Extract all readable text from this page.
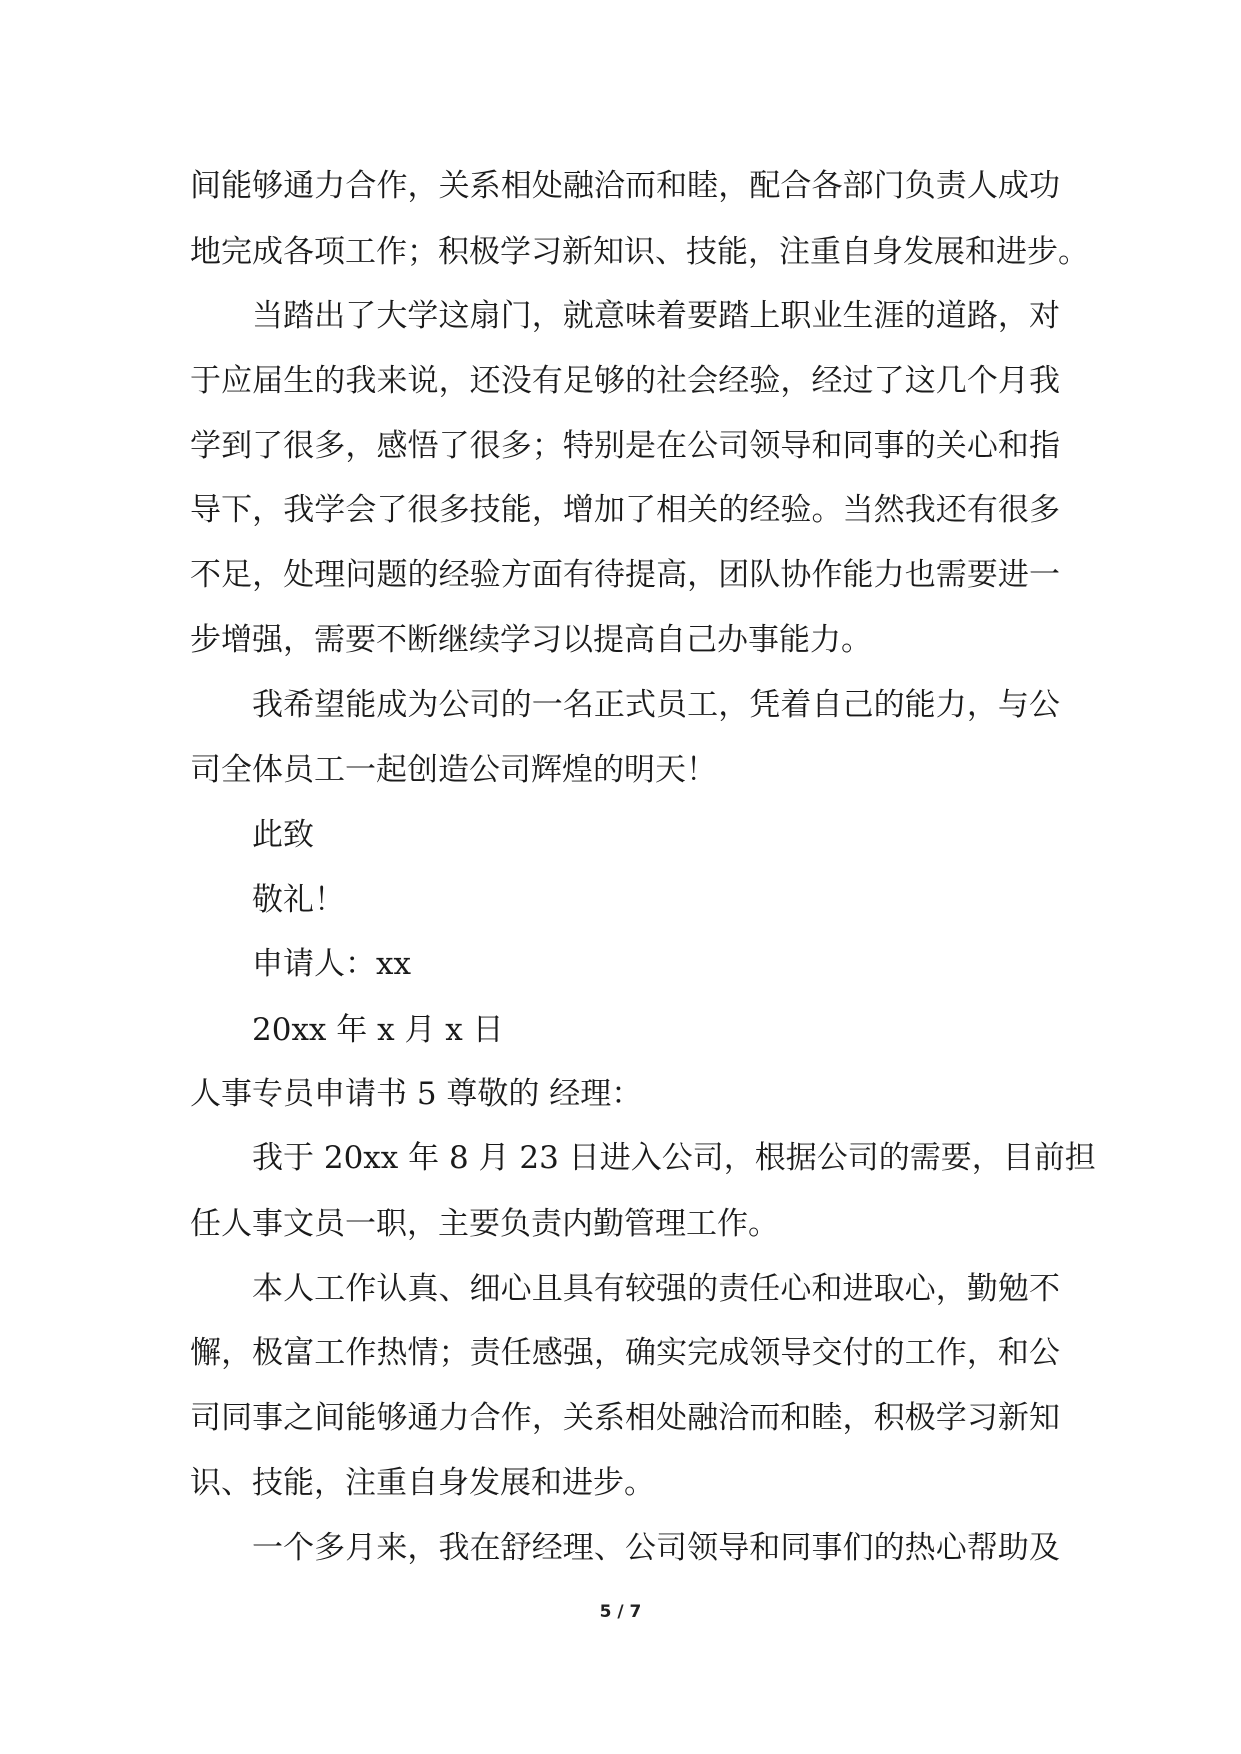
间能够通力合作，关系相处融洽而和睦，配合各部门负责人成功
地完成各项工作；积极学习新知识、技能，注重自身发展和进步。
当踏出了大学这扇门，就意味着要踏上职业生涯的道路，对
于应届生的我来说，还没有足够的社会经验，经过了这几个月我
学到了很多，感悟了很多；特别是在公司领导和同事的关心和指
导下，我学会了很多技能，增加了相关的经验。当然我还有很多
不足，处理问题的经验方面有待提高，团队协作能力也需要进一
步增强，需要不断继续学习以提高自己办事能力。
我希望能成为公司的一名正式员工，凭着自己的能力，与公
司全体员工一起创造公司辉煌的明天！
此致
敬礼！
申请人：xx
20xx 年 x 月 x 日
人事专员申请书 5 尊敬的 经理：
我于 20xx 年 8 月 23 日进入公司，根据公司的需要，目前担
任人事文员一职，主要负责内勤管理工作。
本人工作认真、细心且具有较强的责任心和进取心，勤勉不
懈，极富工作热情；责任感强，确实完成领导交付的工作，和公
司同事之间能够通力合作，关系相处融洽而和睦，积极学习新知
识、技能，注重自身发展和进步。
一个多月来，我在舒经理、公司领导和同事们的热心帮助及
5 / 7
